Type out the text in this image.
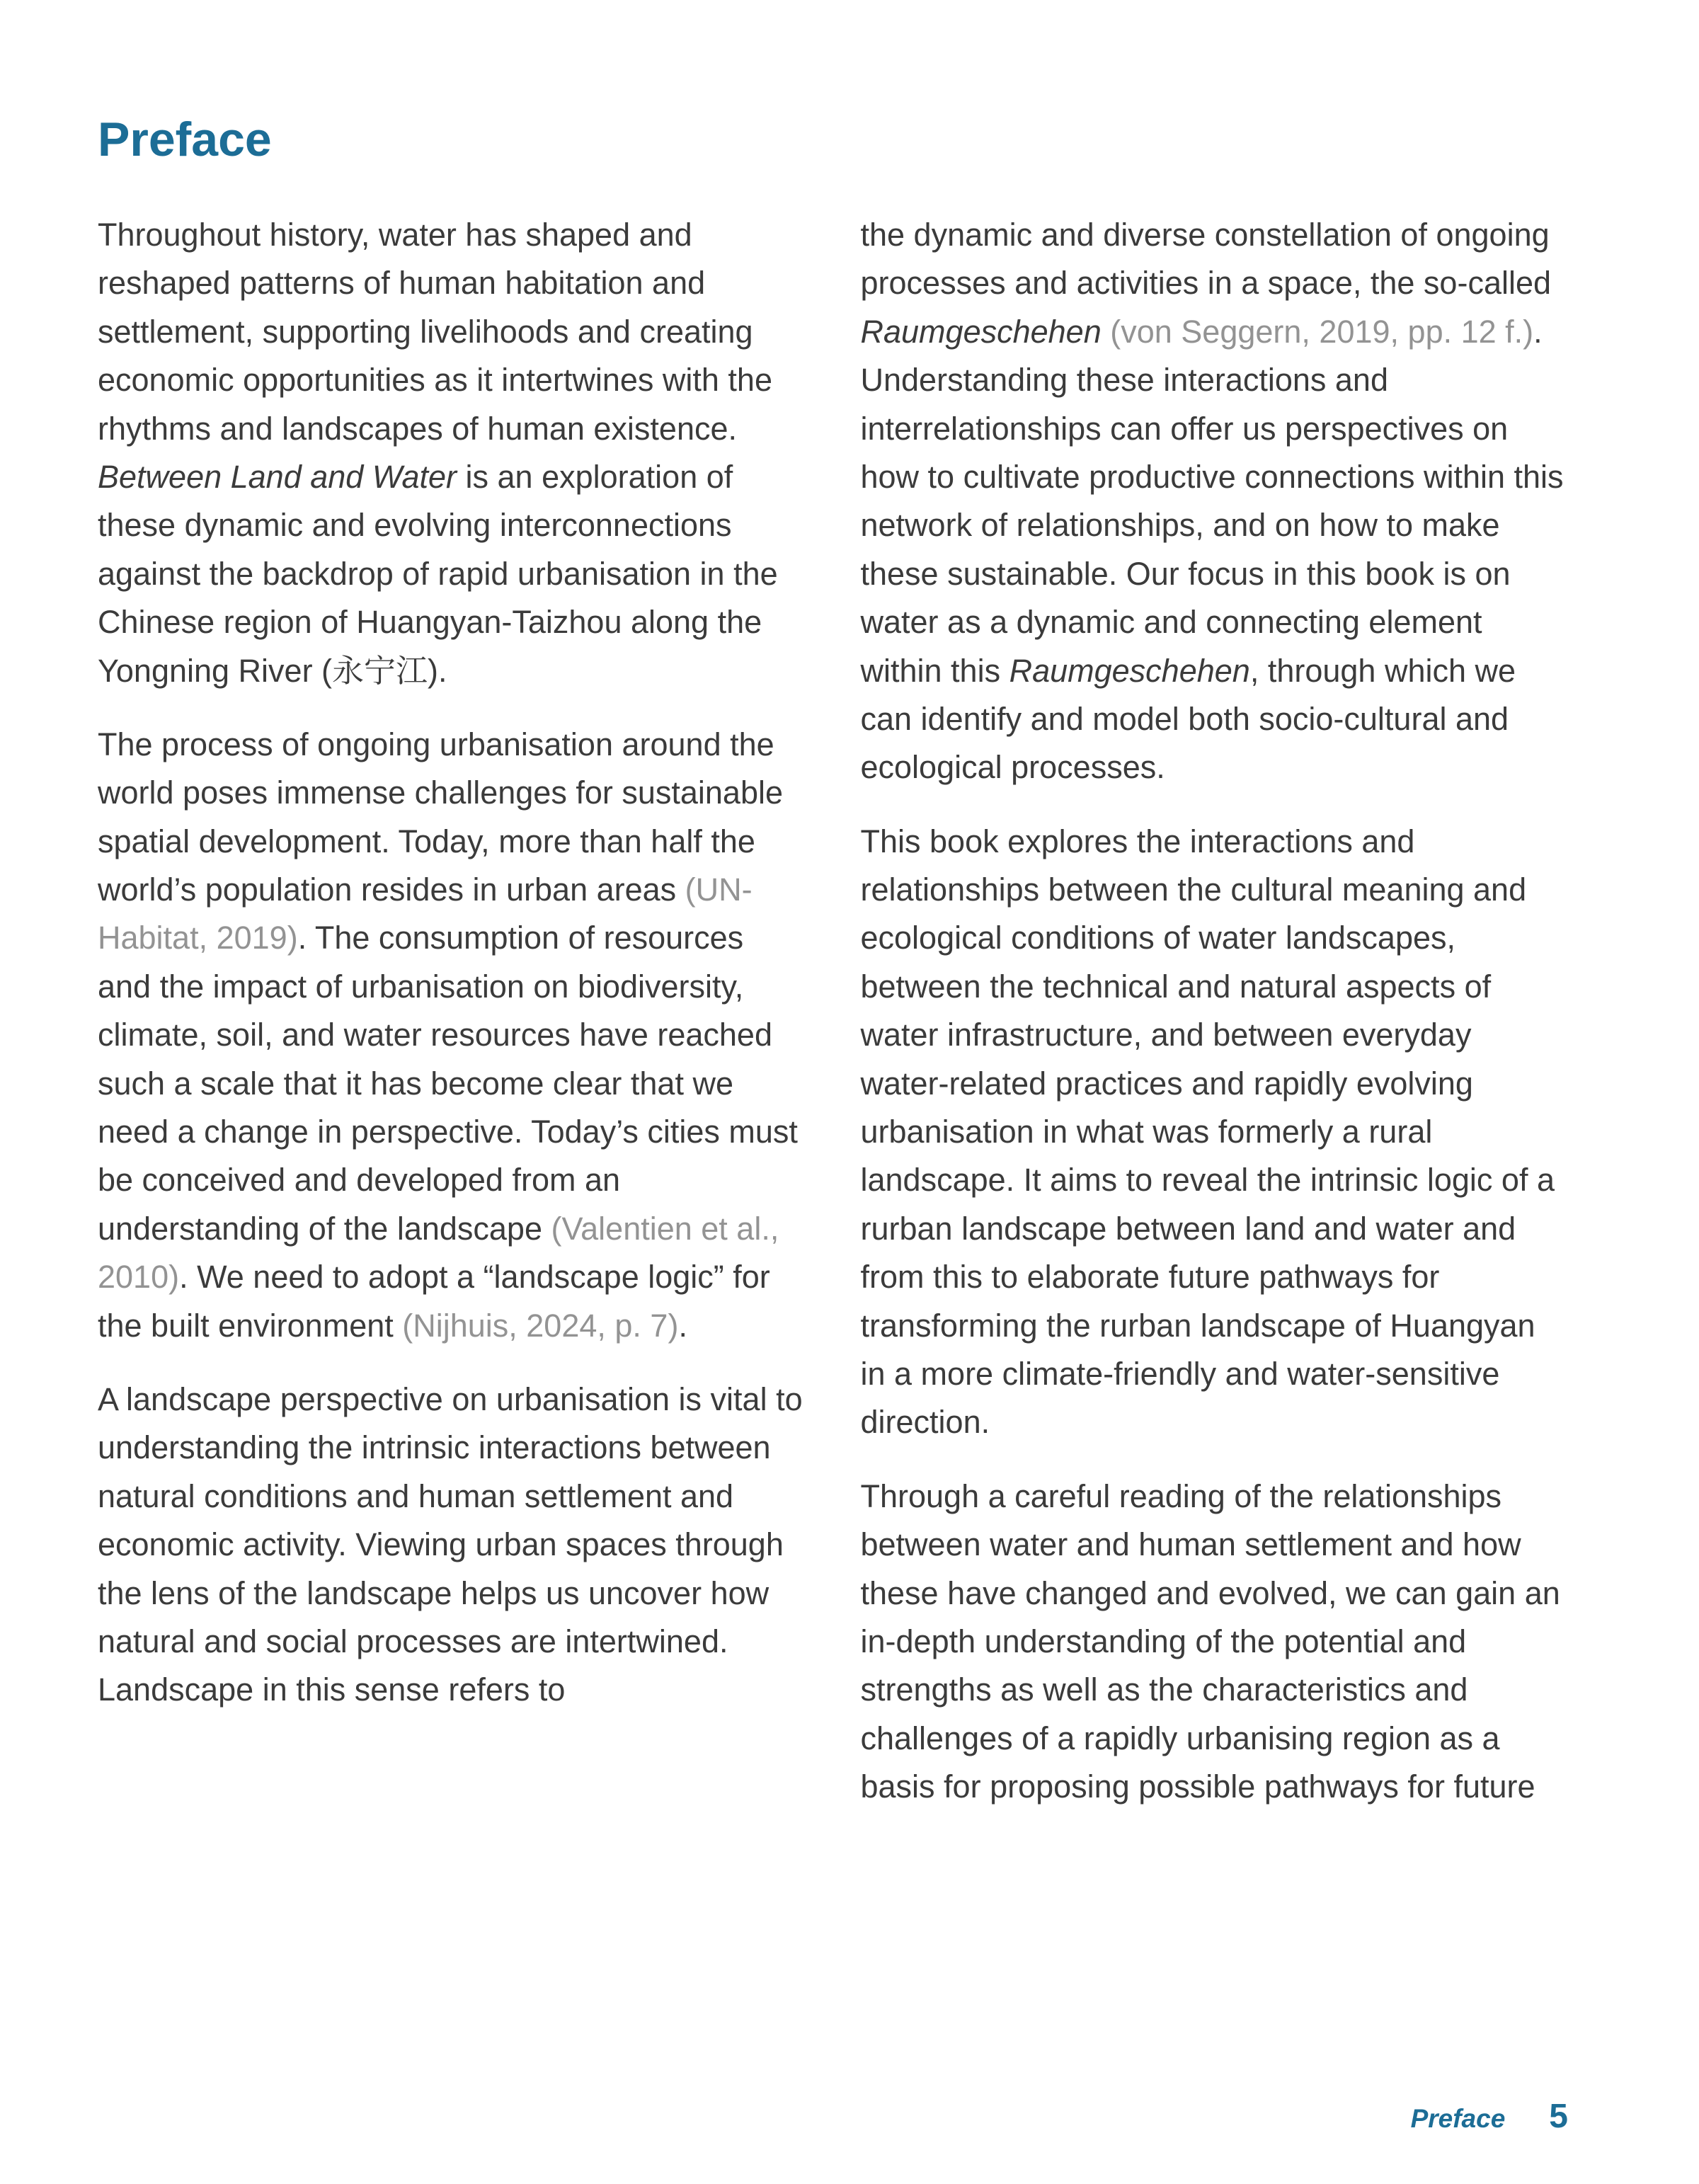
Preface

Throughout history, water has shaped and reshaped patterns of human habitation and settlement, supporting livelihoods and creating economic opportunities as it intertwines with the rhythms and landscapes of human existence. Between Land and Water is an exploration of these dynamic and evolving interconnections against the backdrop of rapid urbanisation in the Chinese region of Huangyan-Taizhou along the Yongning River (永宁江).

The process of ongoing urbanisation around the world poses immense challenges for sustainable spatial development. Today, more than half the world’s population resides in urban areas (UN-Habitat, 2019). The consumption of resources and the impact of urbanisation on biodiversity, climate, soil, and water resources have reached such a scale that it has become clear that we need a change in perspective. Today’s cities must be conceived and developed from an understanding of the landscape (Valentien et al., 2010). We need to adopt a “landscape logic” for the built environment (Nijhuis, 2024, p. 7).

A landscape perspective on urbanisation is vital to understanding the intrinsic interactions between natural conditions and human settlement and economic activity. Viewing urban spaces through the lens of the landscape helps us uncover how natural and social processes are intertwined. Landscape in this sense refers to

the dynamic and diverse constellation of ongoing processes and activities in a space, the so-called Raumgeschehen (von Seggern, 2019, pp. 12 f.). Understanding these interactions and interrelationships can offer us perspectives on how to cultivate productive connections within this network of relationships, and on how to make these sustainable. Our focus in this book is on water as a dynamic and connecting element within this Raumgeschehen, through which we can identify and model both socio-cultural and ecological processes.

This book explores the interactions and relationships between the cultural meaning and ecological conditions of water landscapes, between the technical and natural aspects of water infrastructure, and between everyday water-related practices and rapidly evolving urbanisation in what was formerly a rural landscape. It aims to reveal the intrinsic logic of a rurban landscape between land and water and from this to elaborate future pathways for transforming the rurban landscape of Huangyan in a more climate-friendly and water-sensitive direction.

Through a careful reading of the relationships between water and human settlement and how these have changed and evolved, we can gain an in-depth understanding of the potential and strengths as well as the characteristics and challenges of a rapidly urbanising region as a basis for proposing possible pathways for future

Preface 5
